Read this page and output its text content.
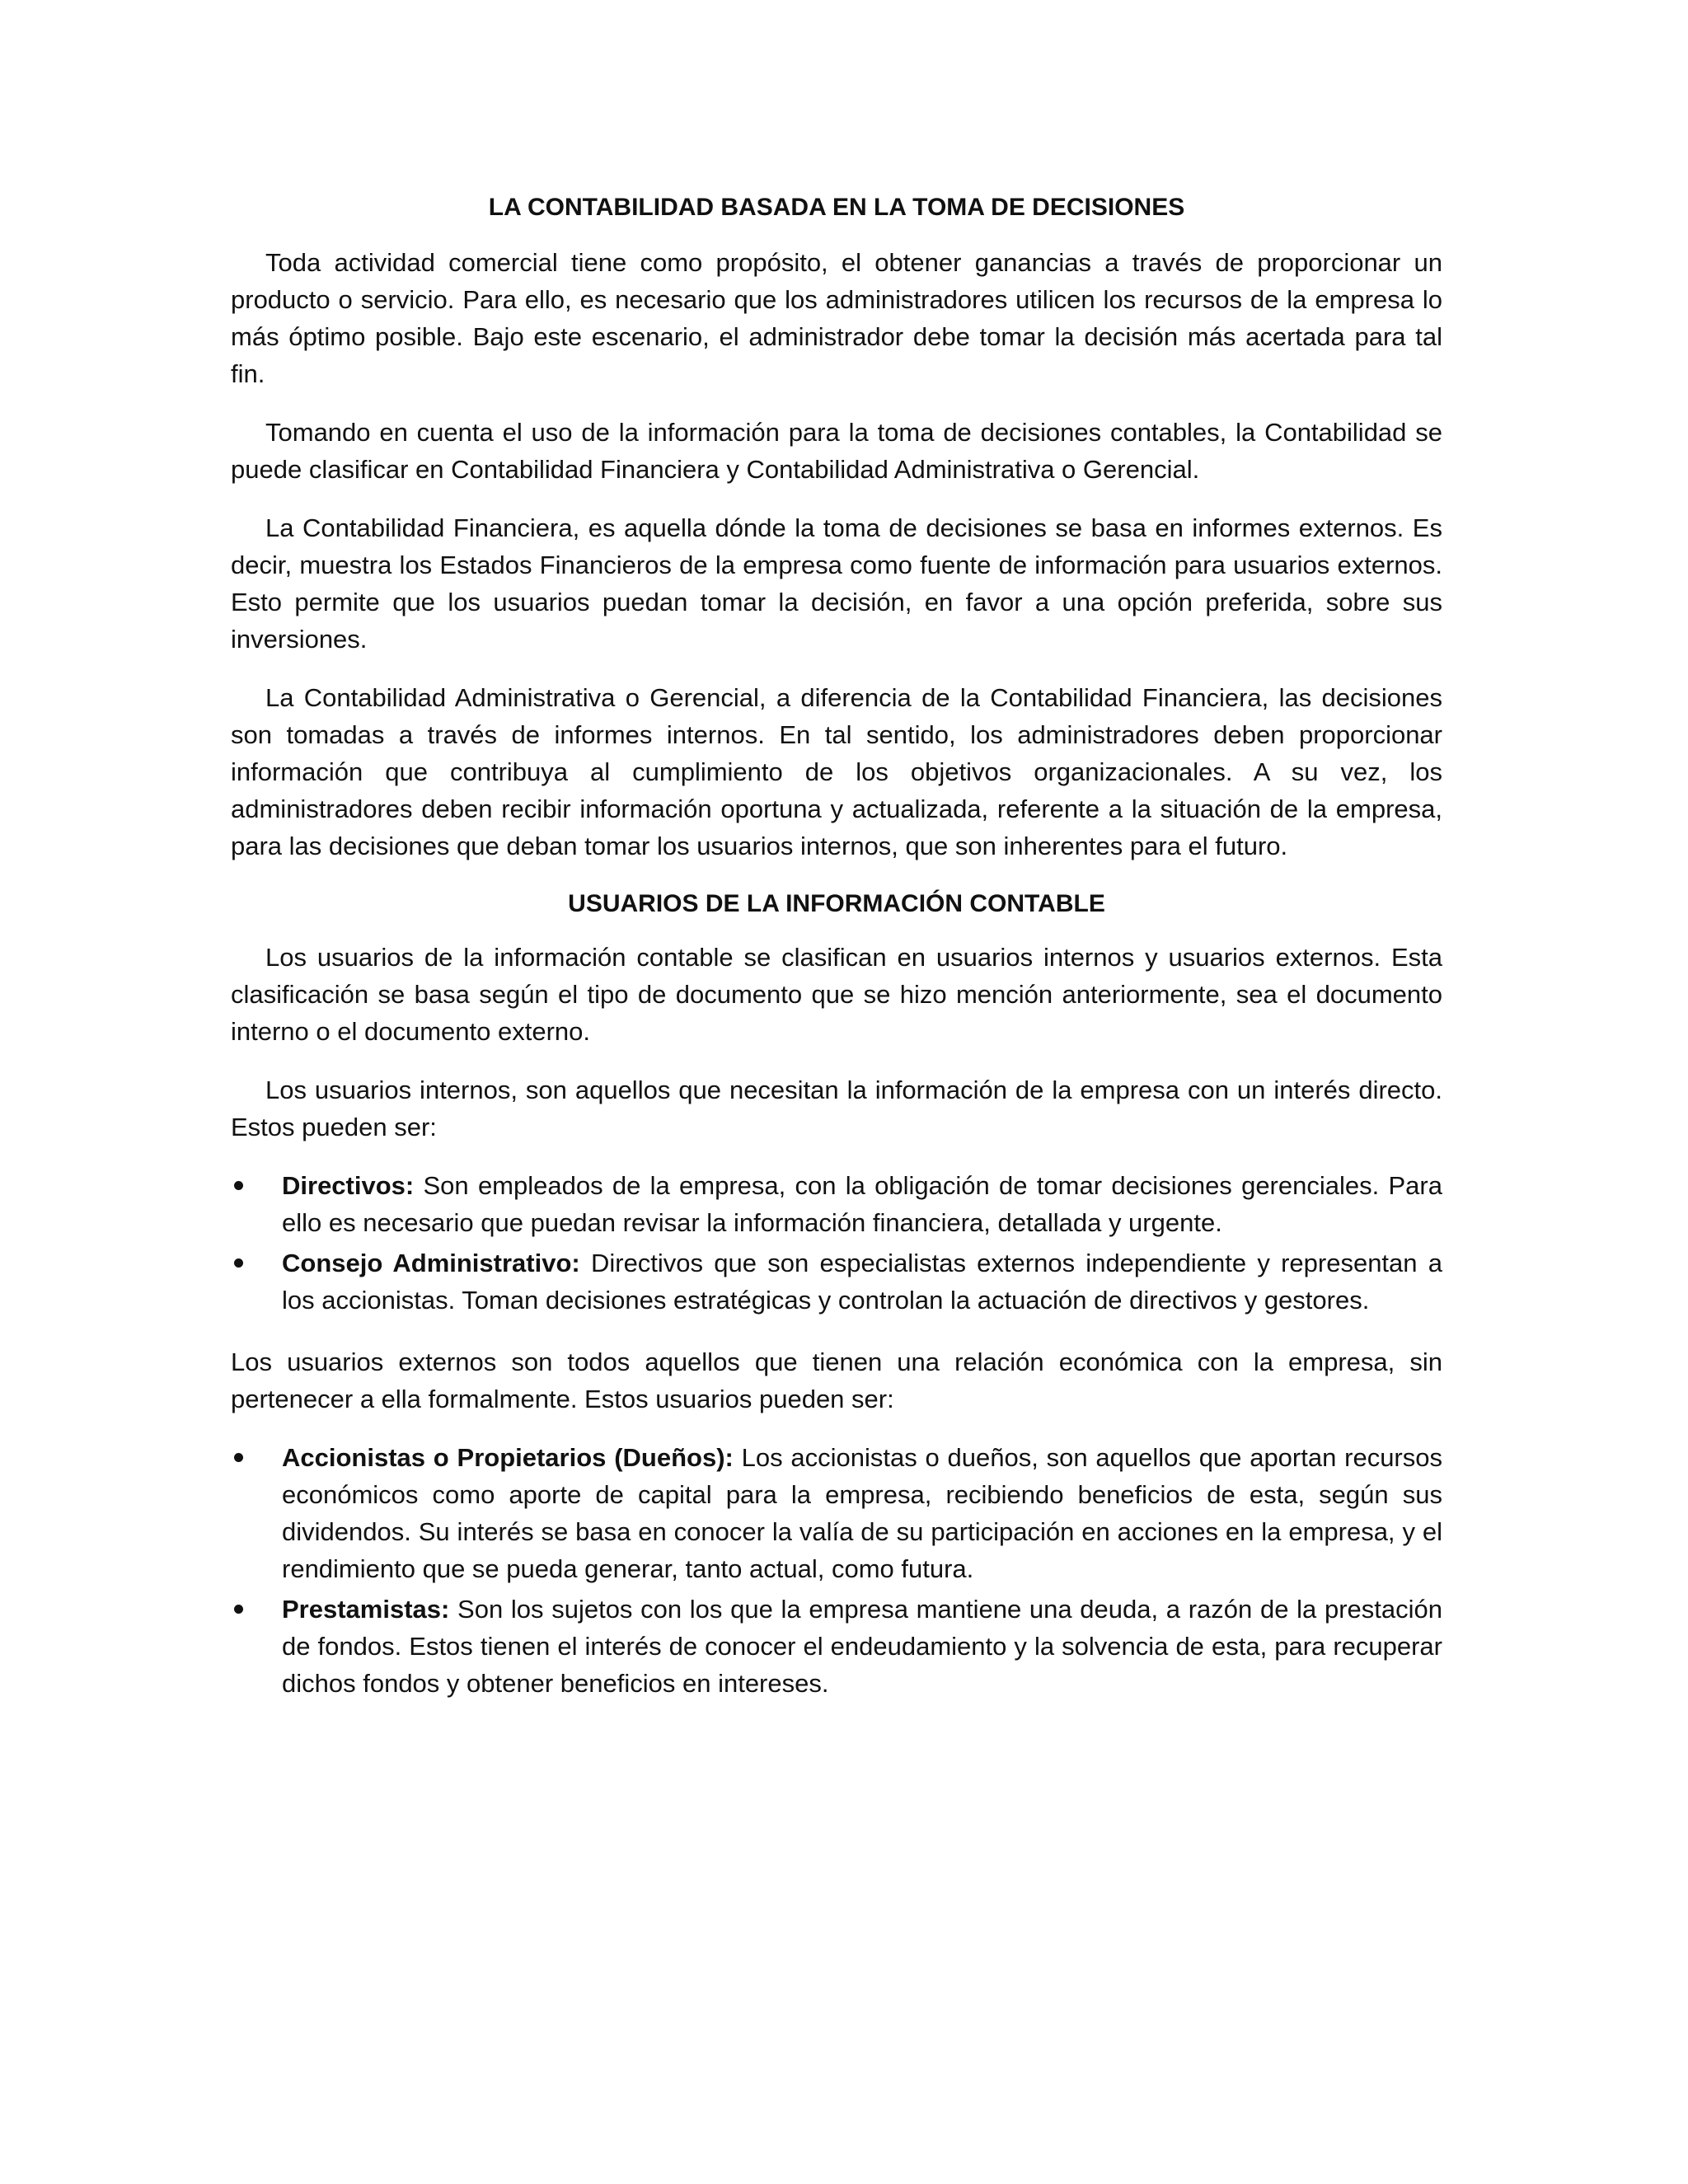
LA CONTABILIDAD BASADA EN LA TOMA DE DECISIONES

Toda actividad comercial tiene como propósito, el obtener ganancias a través de proporcionar un producto o servicio. Para ello, es necesario que los administradores utilicen los recursos de la empresa lo más óptimo posible. Bajo este escenario, el administrador debe tomar la decisión más acertada para tal fin.

Tomando en cuenta el uso de la información para la toma de decisiones contables, la Contabilidad se puede clasificar en Contabilidad Financiera y Contabilidad Administrativa o Gerencial.

La Contabilidad Financiera, es aquella dónde la toma de decisiones se basa en informes externos. Es decir, muestra los Estados Financieros de la empresa como fuente de información para usuarios externos. Esto permite que los usuarios puedan tomar la decisión, en favor a una opción preferida, sobre sus inversiones.

La Contabilidad Administrativa o Gerencial, a diferencia de la Contabilidad Financiera, las decisiones son tomadas a través de informes internos. En tal sentido, los administradores deben proporcionar información que contribuya al cumplimiento de los objetivos organizacionales. A su vez, los administradores deben recibir información oportuna y actualizada, referente a la situación de la empresa, para las decisiones que deban tomar los usuarios internos, que son inherentes para el futuro.

USUARIOS DE LA INFORMACIÓN CONTABLE

Los usuarios de la información contable se clasifican en usuarios internos y usuarios externos. Esta clasificación se basa según el tipo de documento que se hizo mención anteriormente, sea el documento interno o el documento externo.

Los usuarios internos, son aquellos que necesitan la información de la empresa con un interés directo. Estos pueden ser:

Directivos: Son empleados de la empresa, con la obligación de tomar decisiones gerenciales. Para ello es necesario que puedan revisar la información financiera, detallada y urgente.
Consejo Administrativo: Directivos que son especialistas externos independiente y representan a los accionistas. Toman decisiones estratégicas y controlan la actuación de directivos y gestores.

Los usuarios externos son todos aquellos que tienen una relación económica con la empresa, sin pertenecer a ella formalmente. Estos usuarios pueden ser:

Accionistas o Propietarios (Dueños): Los accionistas o dueños, son aquellos que aportan recursos económicos como aporte de capital para la empresa, recibiendo beneficios de esta, según sus dividendos. Su interés se basa en conocer la valía de su participación en acciones en la empresa, y el rendimiento que se pueda generar, tanto actual, como futura.
Prestamistas: Son los sujetos con los que la empresa mantiene una deuda, a razón de la prestación de fondos. Estos tienen el interés de conocer el endeudamiento y la solvencia de esta, para recuperar dichos fondos y obtener beneficios en intereses.
